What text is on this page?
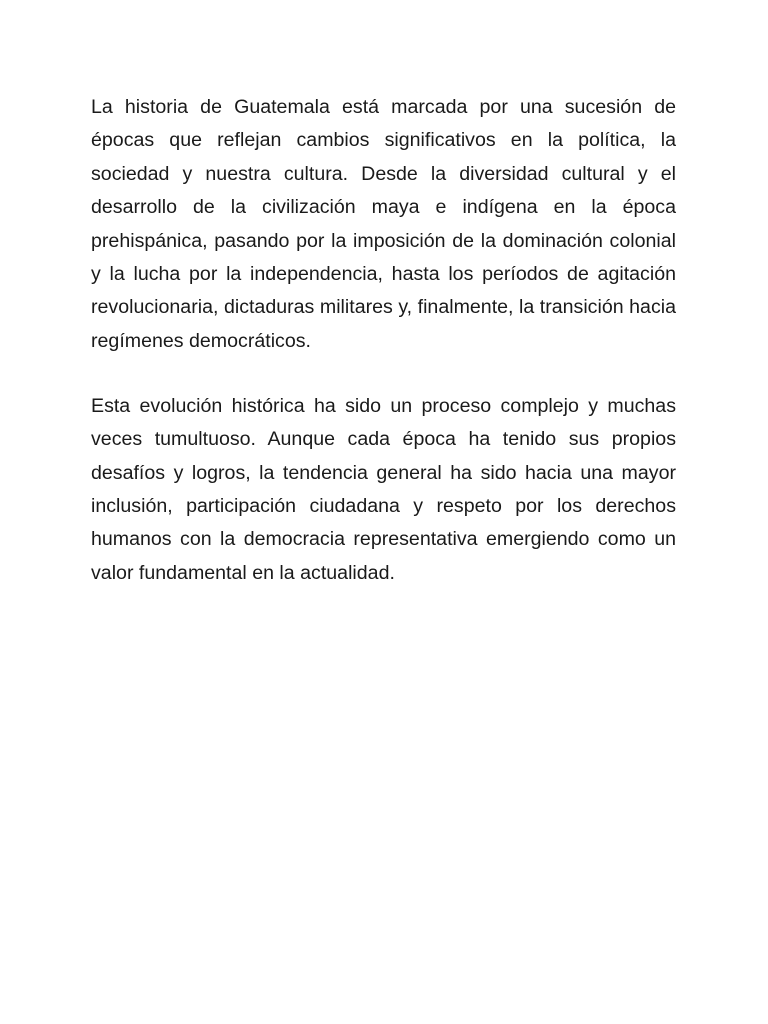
La historia de Guatemala está marcada por una sucesión de épocas que reflejan cambios significativos en la política, la sociedad y nuestra cultura. Desde la diversidad cultural y el desarrollo de la civilización maya e indígena en la época prehispánica, pasando por la imposición de la dominación colonial y la lucha por la independencia, hasta los períodos de agitación revolucionaria, dictaduras militares y, finalmente, la transición hacia regímenes democráticos.

Esta evolución histórica ha sido un proceso complejo y muchas veces tumultuoso. Aunque cada época ha tenido sus propios desafíos y logros, la tendencia general ha sido hacia una mayor inclusión, participación ciudadana y respeto por los derechos humanos con la democracia representativa emergiendo como un valor fundamental en la actualidad.
